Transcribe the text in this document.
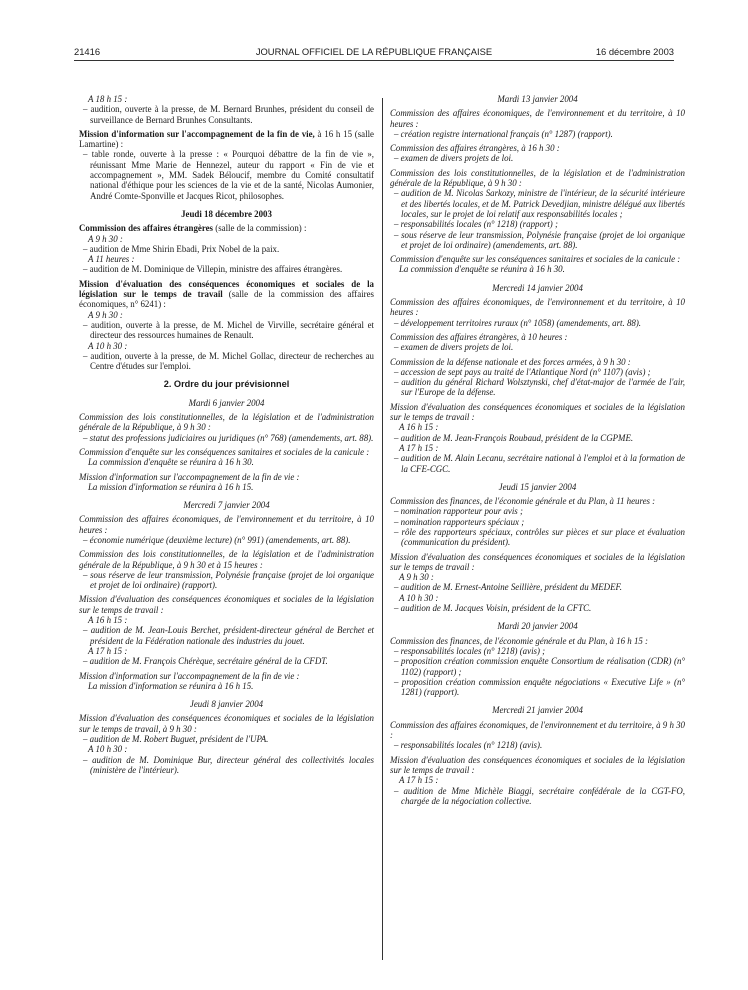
21416	JOURNAL OFFICIEL DE LA RÉPUBLIQUE FRANÇAISE	16 décembre 2003
A 18 h 15 :
– audition, ouverte à la presse, de M. Bernard Brunhes, président du conseil de surveillance de Bernard Brunhes Consultants.
Mission d'information sur l'accompagnement de la fin de vie, à 16 h 15 (salle Lamartine) :
– table ronde, ouverte à la presse : « Pourquoi débattre de la fin de vie », réunissant Mme Marie de Hennezel, auteur du rapport « Fin de vie et accompagnement », MM. Sadek Béloucif, membre du Comité consultatif national d'éthique pour les sciences de la vie et de la santé, Nicolas Aumonier, André Comte-Sponville et Jacques Ricot, philosophes.
Jeudi 18 décembre 2003
Commission des affaires étrangères (salle de la commission) :
A 9 h 30 :
– audition de Mme Shirin Ebadi, Prix Nobel de la paix.
A 11 heures :
– audition de M. Dominique de Villepin, ministre des affaires étrangères.
Mission d'évaluation des conséquences économiques et sociales de la législation sur le temps de travail (salle de la commission des affaires économiques, n° 6241) :
A 9 h 30 :
– audition, ouverte à la presse, de M. Michel de Virville, secrétaire général et directeur des ressources humaines de Renault.
A 10 h 30 :
– audition, ouverte à la presse, de M. Michel Gollac, directeur de recherches au Centre d'études sur l'emploi.
2. Ordre du jour prévisionnel
Mardi 6 janvier 2004
Commission des lois constitutionnelles, de la législation et de l'administration générale de la République, à 9 h 30 :
– statut des professions judiciaires ou juridiques (n° 768) (amendements, art. 88).
Commission d'enquête sur les conséquences sanitaires et sociales de la canicule :
La commission d'enquête se réunira à 16 h 30.
Mission d'information sur l'accompagnement de la fin de vie :
La mission d'information se réunira à 16 h 15.
Mercredi 7 janvier 2004
Commission des affaires économiques, de l'environnement et du territoire, à 10 heures :
– économie numérique (deuxième lecture) (n° 991) (amendements, art. 88).
Commission des lois constitutionnelles, de la législation et de l'administration générale de la République, à 9 h 30 et à 15 heures :
– sous réserve de leur transmission, Polynésie française (projet de loi organique et projet de loi ordinaire) (rapport).
Mission d'évaluation des conséquences économiques et sociales de la législation sur le temps de travail :
A 16 h 15 :
– audition de M. Jean-Louis Berchet, président-directeur général de Berchet et président de la Fédération nationale des industries du jouet.
A 17 h 15 :
– audition de M. François Chérèque, secrétaire général de la CFDT.
Mission d'information sur l'accompagnement de la fin de vie :
La mission d'information se réunira à 16 h 15.
Jeudi 8 janvier 2004
Mission d'évaluation des conséquences économiques et sociales de la législation sur le temps de travail, à 9 h 30 :
– audition de M. Robert Buguet, président de l'UPA.
A 10 h 30 :
– audition de M. Dominique Bur, directeur général des collectivités locales (ministère de l'intérieur).
Mardi 13 janvier 2004
Commission des affaires économiques, de l'environnement et du territoire, à 10 heures :
– création registre international français (n° 1287) (rapport).
Commission des affaires étrangères, à 16 h 30 :
– examen de divers projets de loi.
Commission des lois constitutionnelles, de la législation et de l'administration générale de la République, à 9 h 30 :
– audition de M. Nicolas Sarkozy, ministre de l'intérieur, de la sécurité intérieure et des libertés locales, et de M. Patrick Devedjian, ministre délégué aux libertés locales, sur le projet de loi relatif aux responsabilités locales ;
– responsabilités locales (n° 1218) (rapport) ;
– sous réserve de leur transmission, Polynésie française (projet de loi organique et projet de loi ordinaire) (amendements, art. 88).
Commission d'enquête sur les conséquences sanitaires et sociales de la canicule :
La commission d'enquête se réunira à 16 h 30.
Mercredi 14 janvier 2004
Commission des affaires économiques, de l'environnement et du territoire, à 10 heures :
– développement territoires ruraux (n° 1058) (amendements, art. 88).
Commission des affaires étrangères, à 10 heures :
– examen de divers projets de loi.
Commission de la défense nationale et des forces armées, à 9 h 30 :
– accession de sept pays au traité de l'Atlantique Nord (n° 1107) (avis) ;
– audition du général Richard Wolsztynski, chef d'état-major de l'armée de l'air, sur l'Europe de la défense.
Mission d'évaluation des conséquences économiques et sociales de la législation sur le temps de travail :
A 16 h 15 :
– audition de M. Jean-François Roubaud, président de la CGPME.
A 17 h 15 :
– audition de M. Alain Lecanu, secrétaire national à l'emploi et à la formation de la CFE-CGC.
Jeudi 15 janvier 2004
Commission des finances, de l'économie générale et du Plan, à 11 heures :
– nomination rapporteur pour avis ;
– nomination rapporteurs spéciaux ;
– rôle des rapporteurs spéciaux, contrôles sur pièces et sur place et évaluation (communication du président).
Mission d'évaluation des conséquences économiques et sociales de la législation sur le temps de travail :
A 9 h 30 :
– audition de M. Ernest-Antoine Seillière, président du MEDEF.
A 10 h 30 :
– audition de M. Jacques Voisin, président de la CFTC.
Mardi 20 janvier 2004
Commission des finances, de l'économie générale et du Plan, à 16 h 15 :
– responsabilités locales (n° 1218) (avis) ;
– proposition création commission enquête Consortium de réalisation (CDR) (n° 1102) (rapport) ;
– proposition création commission enquête négociations « Executive Life » (n° 1281) (rapport).
Mercredi 21 janvier 2004
Commission des affaires économiques, de l'environnement et du territoire, à 9 h 30 :
– responsabilités locales (n° 1218) (avis).
Mission d'évaluation des conséquences économiques et sociales de la législation sur le temps de travail :
A 17 h 15 :
– audition de Mme Michèle Biaggi, secrétaire confédérale de la CGT-FO, chargée de la négociation collective.
